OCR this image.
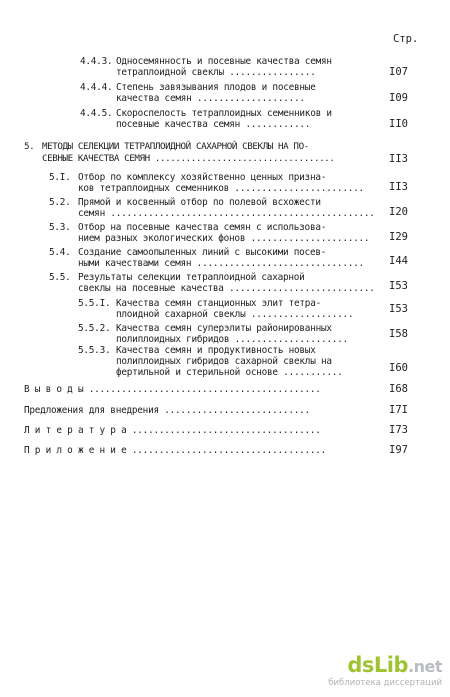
Стр.
4.4.3. Односемянность и посевные качества семян
тетраплоидной свеклы ................	I07
4.4.4. Степень завязывания плодов и посевные
качества семян ....................	I09
4.4.5. Скороспелость тетраплоидных семенников и
посевные качества семян ............	II0
5. МЕТОДЫ СЕЛЕКЦИИ ТЕТРАПЛОИДНОЙ САХАРНОЙ СВЕКЛЫ НА ПО-
СЕВНЫЕ КАЧЕСТВА СЕМЯН ...................................	II3
5.I. Отбор по комплексу хозяйственно ценных призна-
ков тетраплоидных семенников ........................ II3
5.2. Прямой и косвенный отбор по полевой всхожести
семян ................................................. I20
5.3. Отбор на посевные качества семян с использова-
нием разных экологических фонов ...................... I29
5.4. Создание самоопыленных линий с высокими посев-
ными качествами семян ............................... I44
5.5. Результаты селекции тетраплоидной сахарной
свеклы на посевные качества ........................... I53
5.5.I. Качества семян станционных элит тетра-
плоидной сахарной свеклы ...................	I53
5.5.2. Качества семян суперэлиты районированных
полиплоидных гибридов .....................	I58
5.5.3. Качества семян и продуктивность новых
полиплоидных гибридов сахарной свеклы на
фертильной и стерильной основе ...........	I60
В ы в о д ы ...........................................	I68
Предложения для внедрения ...........................	I7I
Л и т е р а т у р а ...................................	I73
П р и л о ж е н и е ....................................	I97
dsLib.net
библиотека диссертаций
